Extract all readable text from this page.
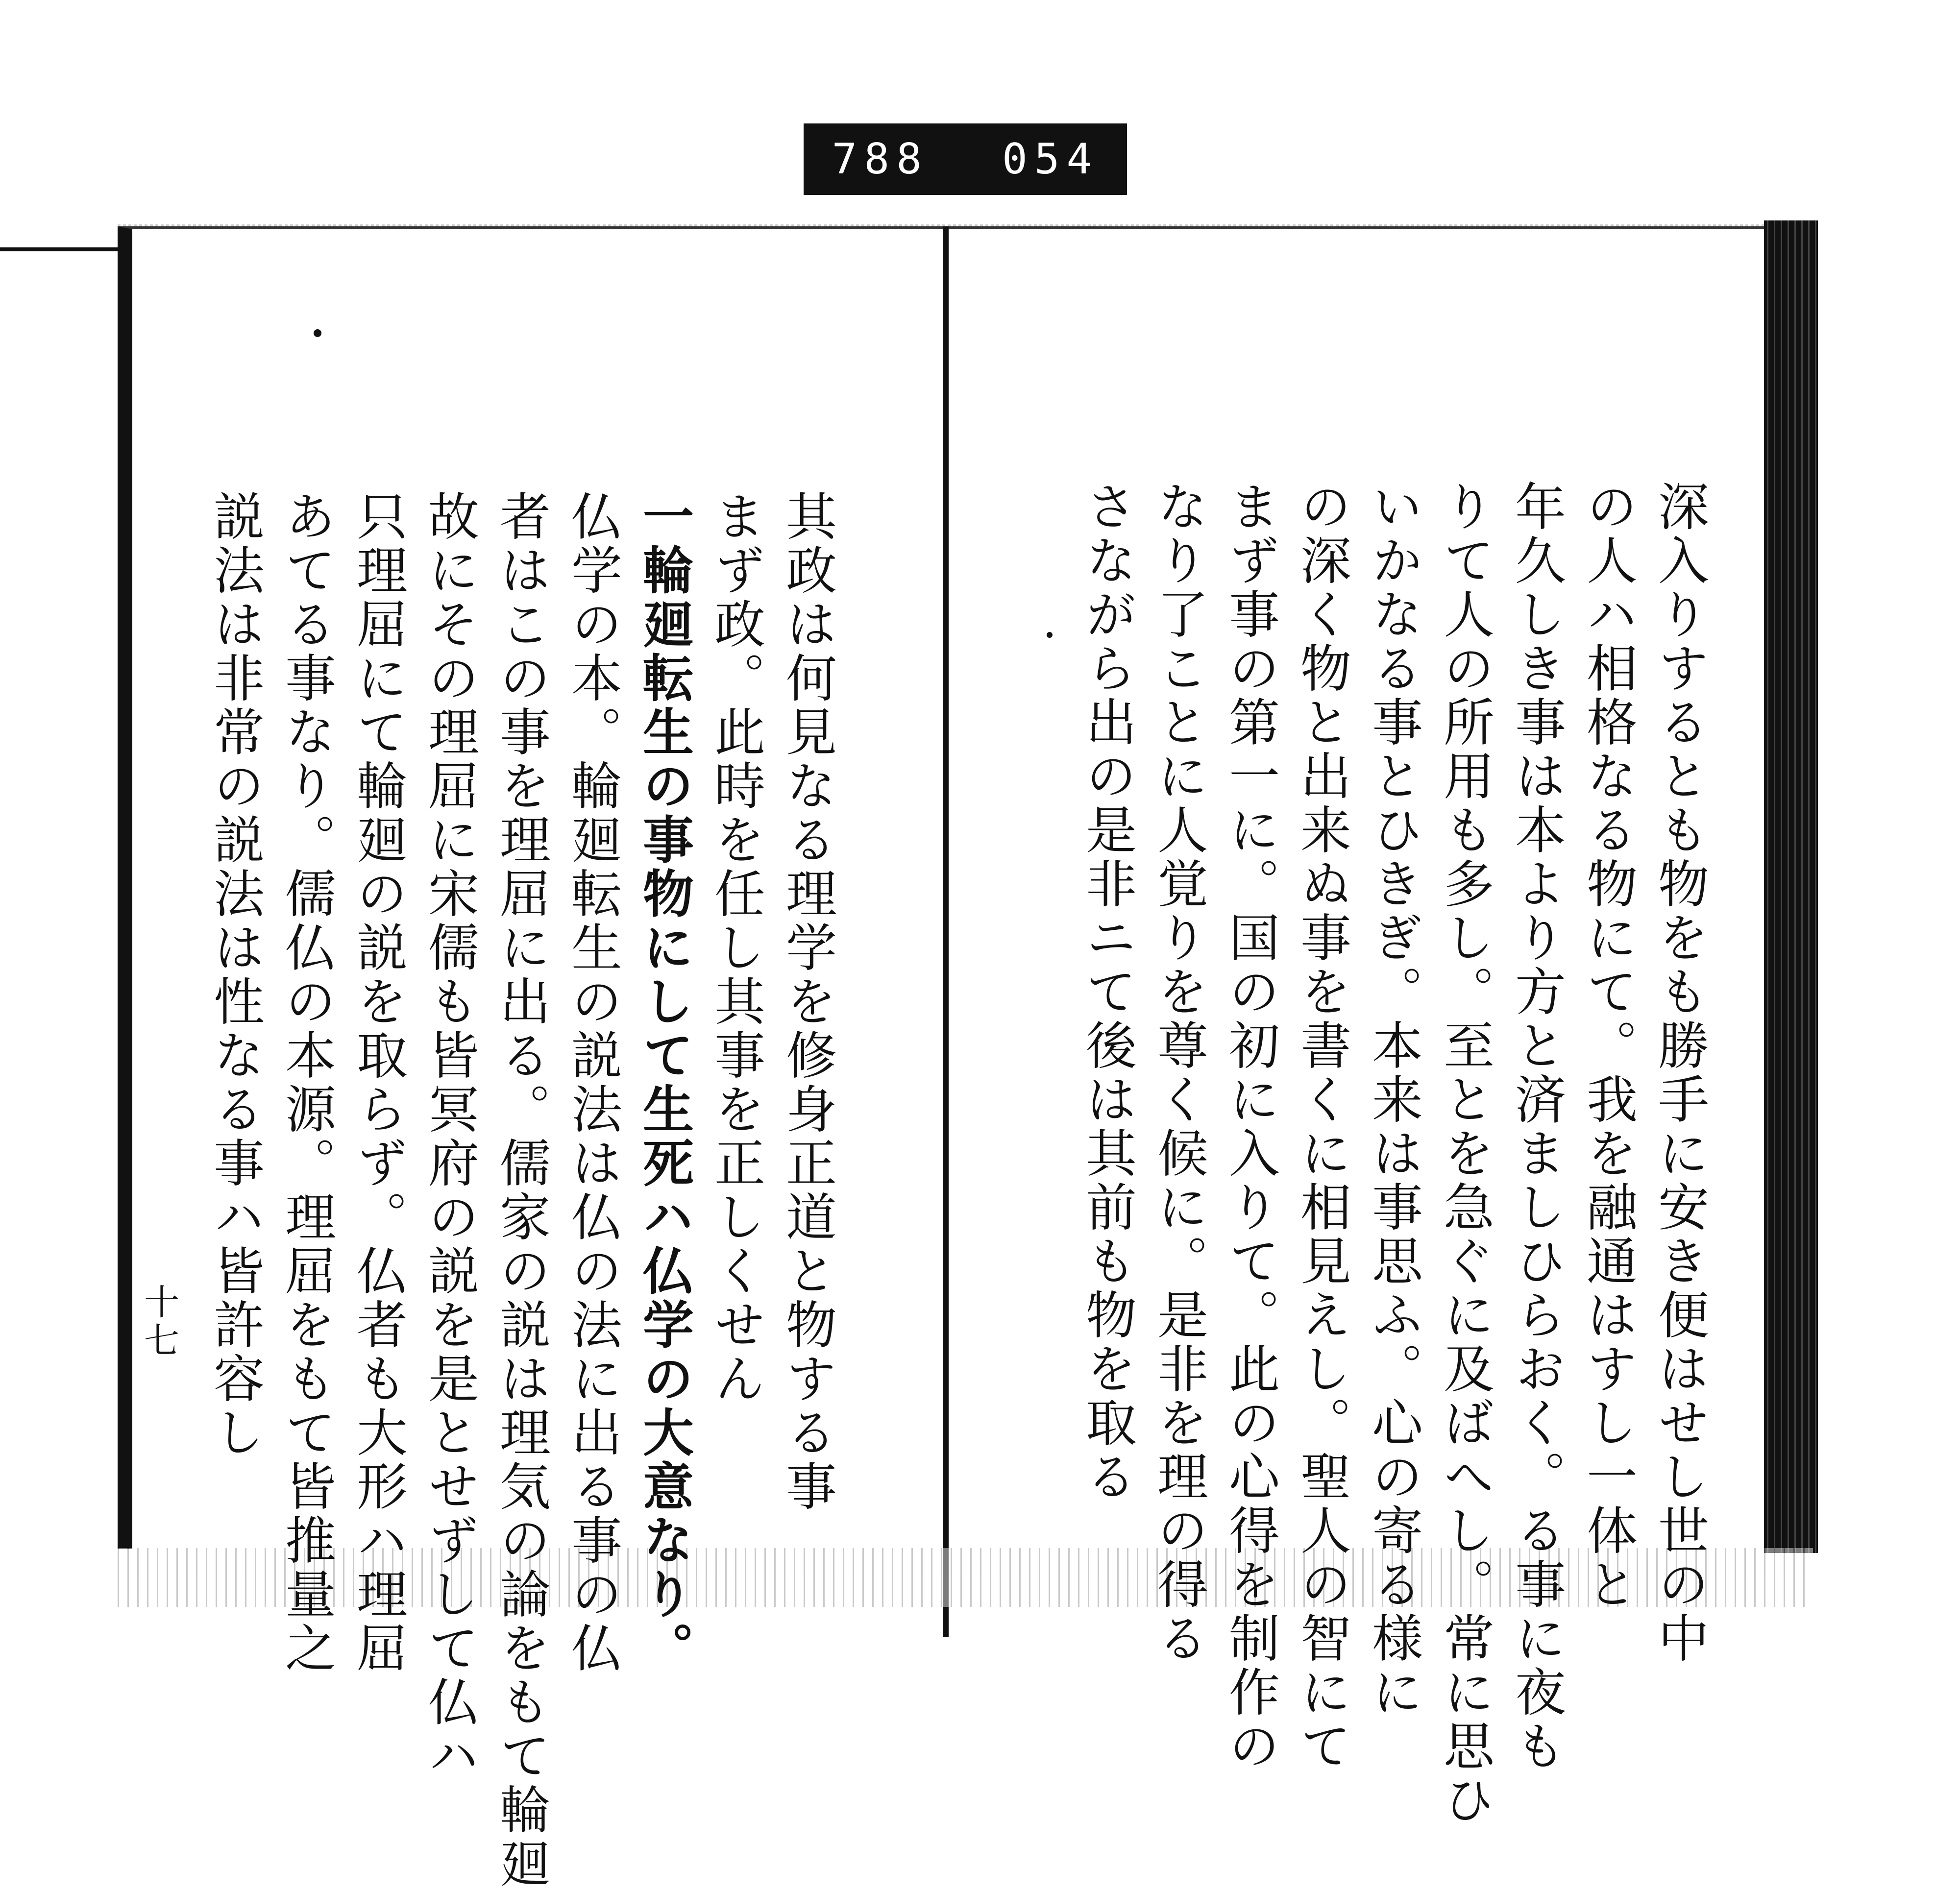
788 054
深入りするとも物をも勝手に安き便はせし世の中
の人ハ相格なる物にて。我を融通はすし一体と
年久しき事は本より方と済ましひらおく。る事に夜も
りて人の所用も多し。至とを急ぐに及ばへし。常に思ひ
いかなる事とひきぎ。本来は事思ふ。心の寄る様に
の深く物と出来ぬ事を書くに相見えし。聖人の智にて
まず事の第一に。国の初に入りて。此の心得を制作の
なり了ことに人覚りを尊く候に。是非を理の得る
さながら出の是非ニて後は其前も物を取る
其政は何見なる理学を修身正道と物する事
まず政。此時を任し其事を正しくせん
一輪廻転生の事物にして生死ハ仏学の大意なり。
仏学の本。輪廻転生の説法は仏の法に出る事の仏
者はこの事を理屈に出る。儒家の説は理気の論をもて輪廻
故にその理屈に宋儒も皆冥府の説を是とせずして仏ハ
只理屈にて輪廻の説を取らず。仏者も大形ハ理屈
あてる事なり。儒仏の本源。理屈をもて皆推量之
説法は非常の説法は性なる事ハ皆許容し
十七
